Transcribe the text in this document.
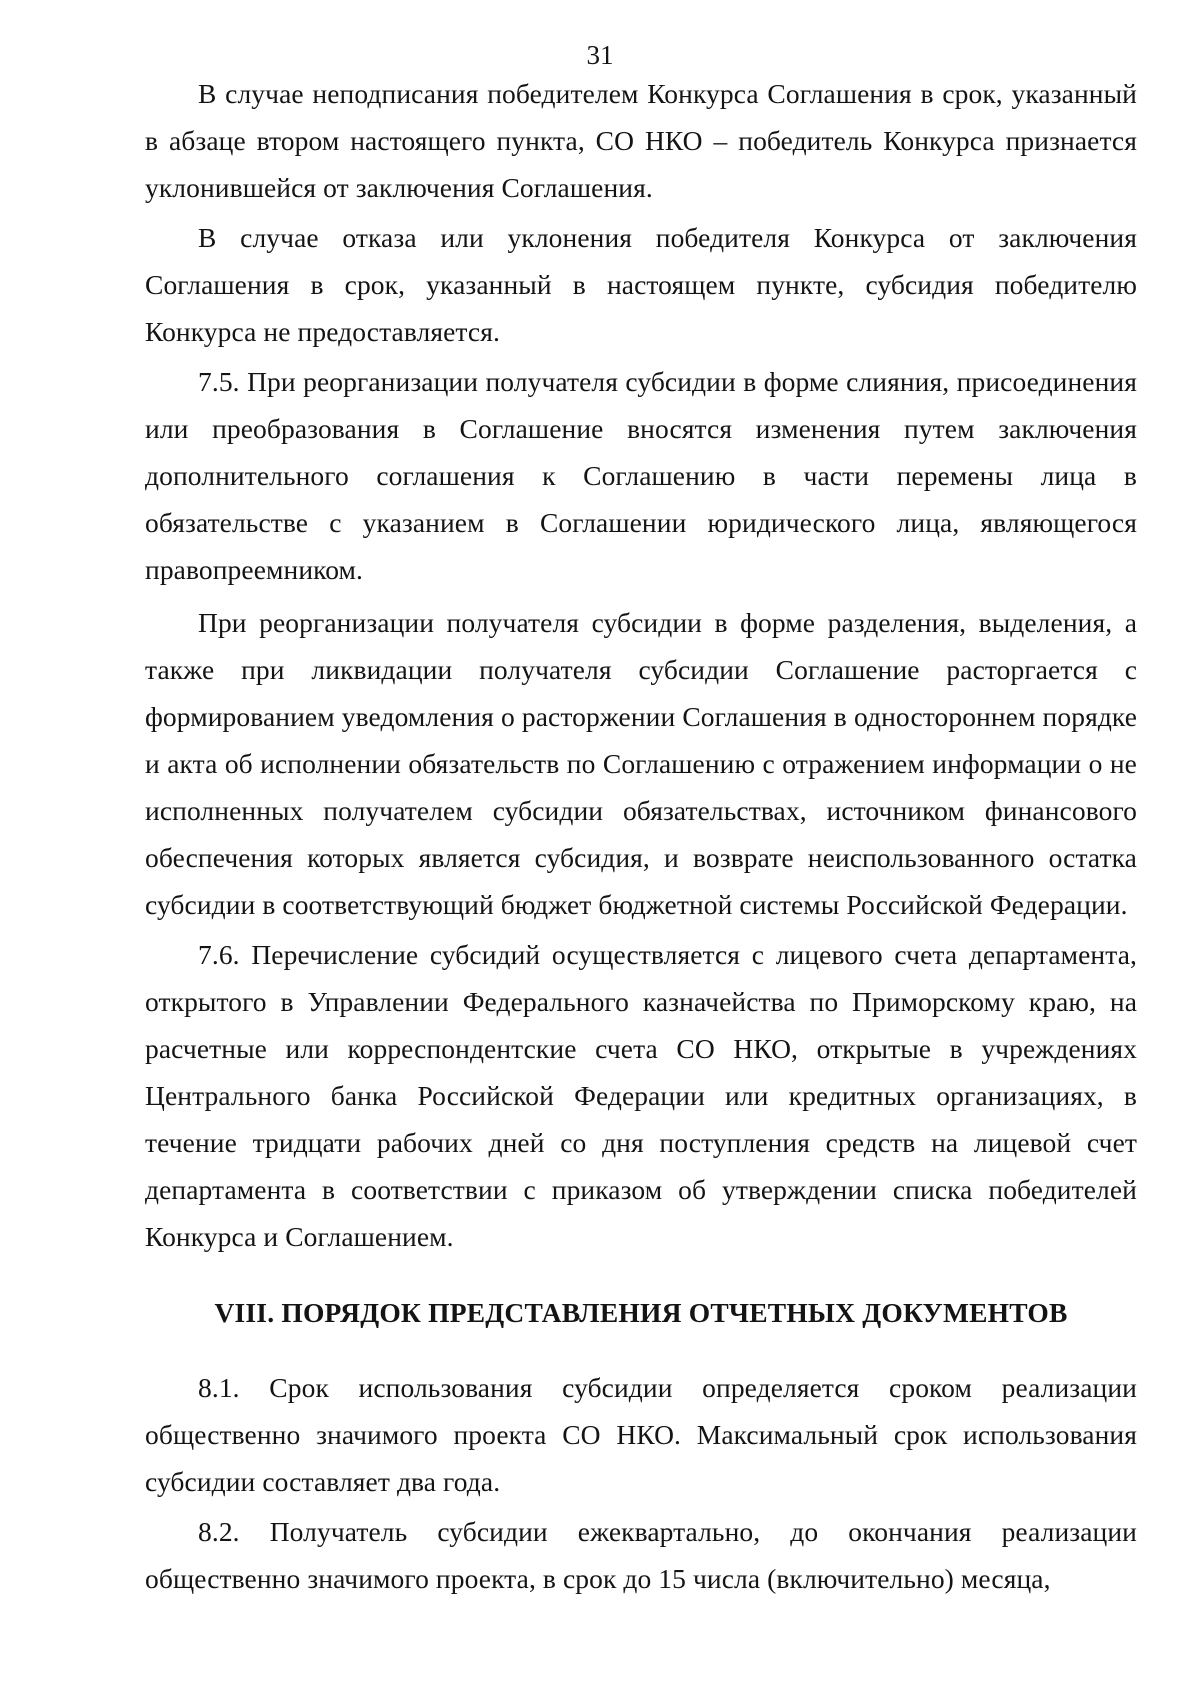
31

В случае неподписания победителем Конкурса Соглашения в срок, указанный в абзаце втором настоящего пункта, СО НКО – победитель Конкурса признается уклонившейся от заключения Соглашения.

В случае отказа или уклонения победителя Конкурса от заключения Соглашения в срок, указанный в настоящем пункте, субсидия победителю Конкурса не предоставляется.

7.5. При реорганизации получателя субсидии в форме слияния, присоединения или преобразования в Соглашение вносятся изменения путем заключения дополнительного соглашения к Соглашению в части перемены лица в обязательстве с указанием в Соглашении юридического лица, являющегося правопреемником.

При реорганизации получателя субсидии в форме разделения, выделения, а также при ликвидации получателя субсидии Соглашение расторгается с формированием уведомления о расторжении Соглашения в одностороннем порядке и акта об исполнении обязательств по Соглашению с отражением информации о не исполненных получателем субсидии обязательствах, источником финансового обеспечения которых является субсидия, и возврате неиспользованного остатка субсидии в соответствующий бюджет бюджетной системы Российской Федерации.

7.6. Перечисление субсидий осуществляется с лицевого счета департамента, открытого в Управлении Федерального казначейства по Приморскому краю, на расчетные или корреспондентские счета СО НКО, открытые в учреждениях Центрального банка Российской Федерации или кредитных организациях, в течение тридцати рабочих дней со дня поступления средств на лицевой счет департамента в соответствии с приказом об утверждении списка победителей Конкурса и Соглашением.

VIII. ПОРЯДОК ПРЕДСТАВЛЕНИЯ ОТЧЕТНЫХ ДОКУМЕНТОВ

8.1. Срок использования субсидии определяется сроком реализации общественно значимого проекта СО НКО. Максимальный срок использования субсидии составляет два года.

8.2. Получатель субсидии ежеквартально, до окончания реализации общественно значимого проекта, в срок до 15 числа (включительно) месяца,
